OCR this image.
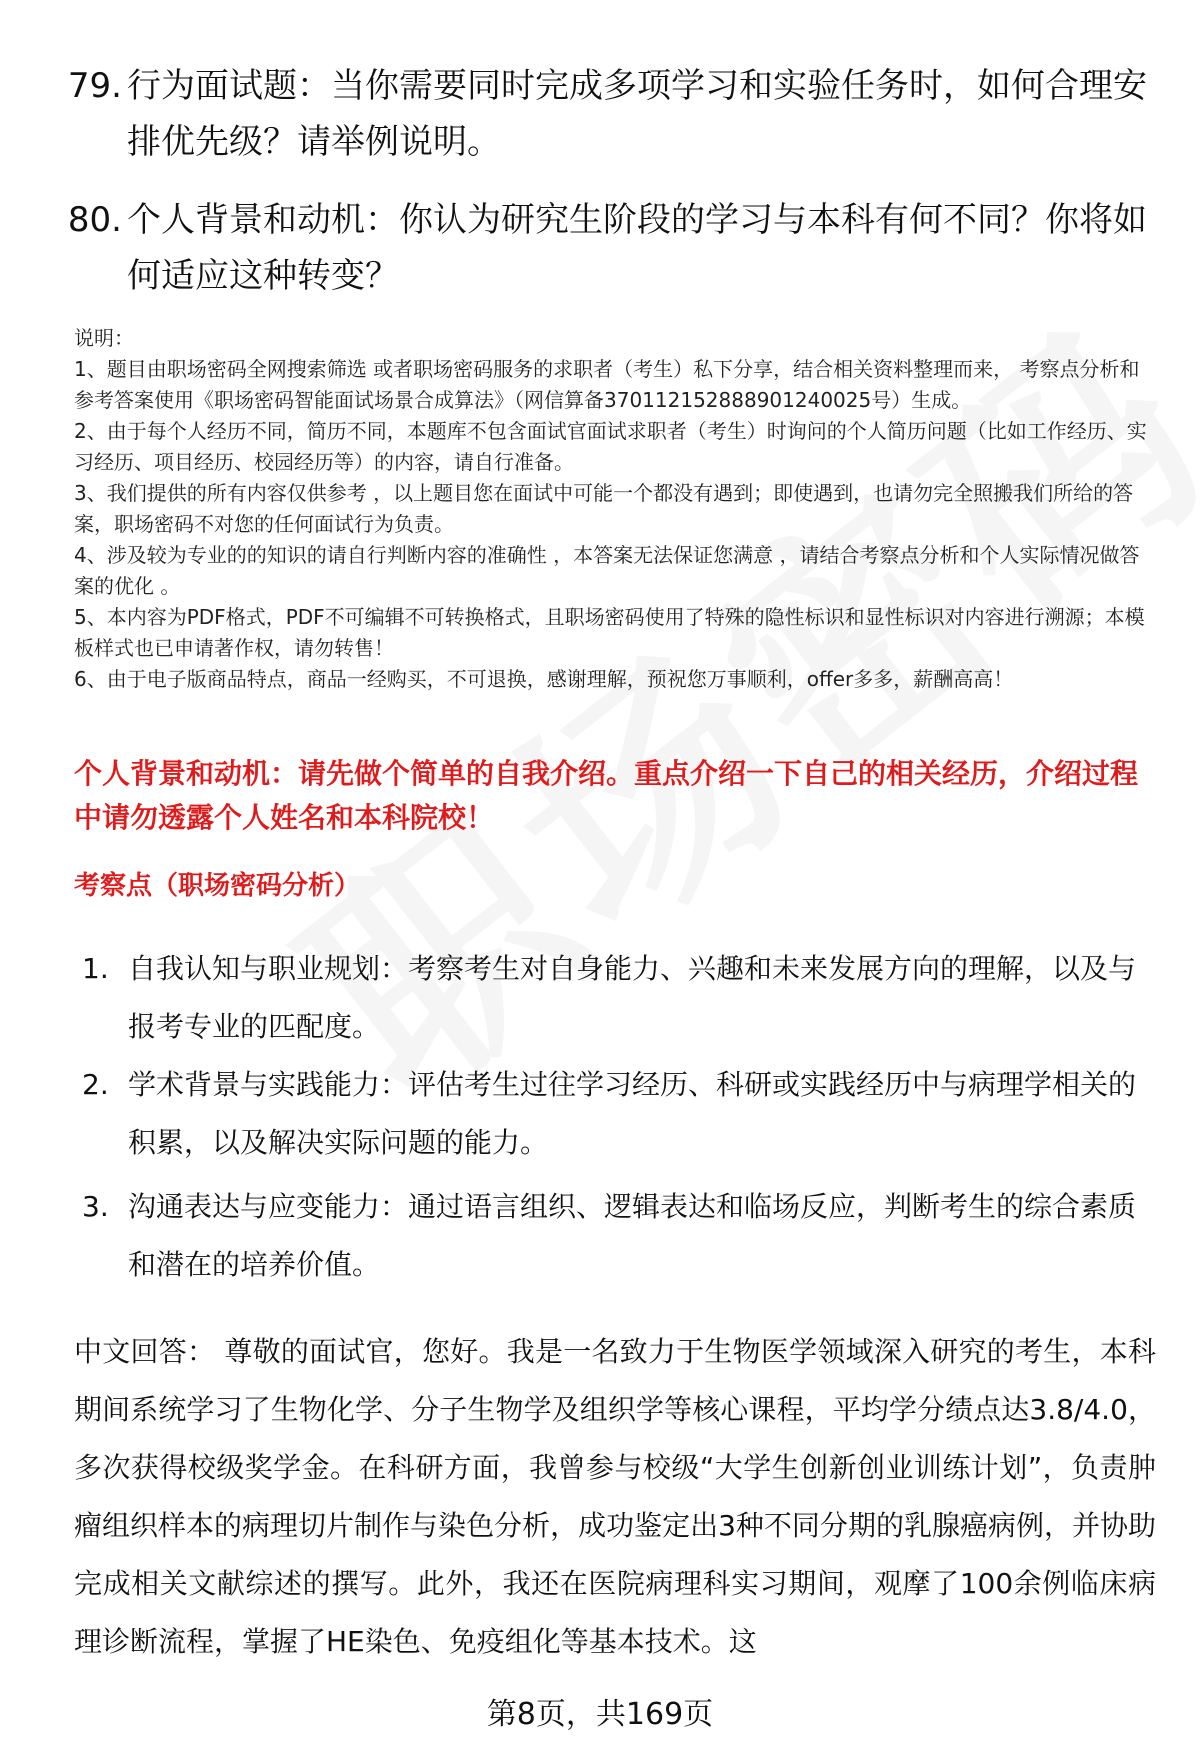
79. 行为面试题：当你需要同时完成多项学习和实验任务时，如何合理安排优先级？请举例说明。
80. 个人背景和动机：你认为研究生阶段的学习与本科有何不同？你将如何适应这种转变？

说明：

1、题目由职场密码全网搜索筛选 或者职场密码服务的求职者（考生）私下分享，结合相关资料整理而来， 考察点分析和参考答案使用《职场密码智能面试场景合成算法》（网信算备370112152888901240025号）生成。

2、由于每个人经历不同，简历不同，本题库不包含面试官面试求职者（考生）时询问的个人简历问题（比如工作经历、实习经历、项目经历、校园经历等）的内容，请自行准备。

3、我们提供的所有内容仅供参考 ，以上题目您在面试中可能一个都没有遇到；即使遇到，也请勿完全照搬我们所给的答案，职场密码不对您的任何面试行为负责。

4、涉及较为专业的的知识的请自行判断内容的准确性 ，本答案无法保证您满意 ，请结合考察点分析和个人实际情况做答案的优化 。

5、本内容为PDF格式，PDF不可编辑不可转换格式，且职场密码使用了特殊的隐性标识和显性标识对内容进行溯源；本模板样式也已申请著作权，请勿转售！

6、由于电子版商品特点，商品一经购买，不可退换，感谢理解，预祝您万事顺利，offer多多，薪酬高高！

个人背景和动机：请先做个简单的自我介绍。重点介绍一下自己的相关经历，介绍过程中请勿透露个人姓名和本科院校！
考察点（职场密码分析）
1. 自我认知与职业规划：考察考生对自身能力、兴趣和未来发展方向的理解，以及与报考专业的匹配度。
2. 学术背景与实践能力：评估考生过往学习经历、科研或实践经历中与病理学相关的积累，以及解决实际问题的能力。
3. 沟通表达与应变能力：通过语言组织、逻辑表达和临场反应，判断考生的综合素质和潜在的培养价值。
中文回答： 尊敬的面试官，您好。我是一名致力于生物医学领域深入研究的考生，本科期间系统学习了生物化学、分子生物学及组织学等核心课程，平均学分绩点达3.8/4.0，多次获得校级奖学金。在科研方面，我曾参与校级“大学生创新创业训练计划”，负责肿瘤组织样本的病理切片制作与染色分析，成功鉴定出3种不同分期的乳腺癌病例，并协助完成相关文献综述的撰写。此外，我还在医院病理科实习期间，观摩了100余例临床病理诊断流程，掌握了HE染色、免疫组化等基本技术。这
第8页，共169页
